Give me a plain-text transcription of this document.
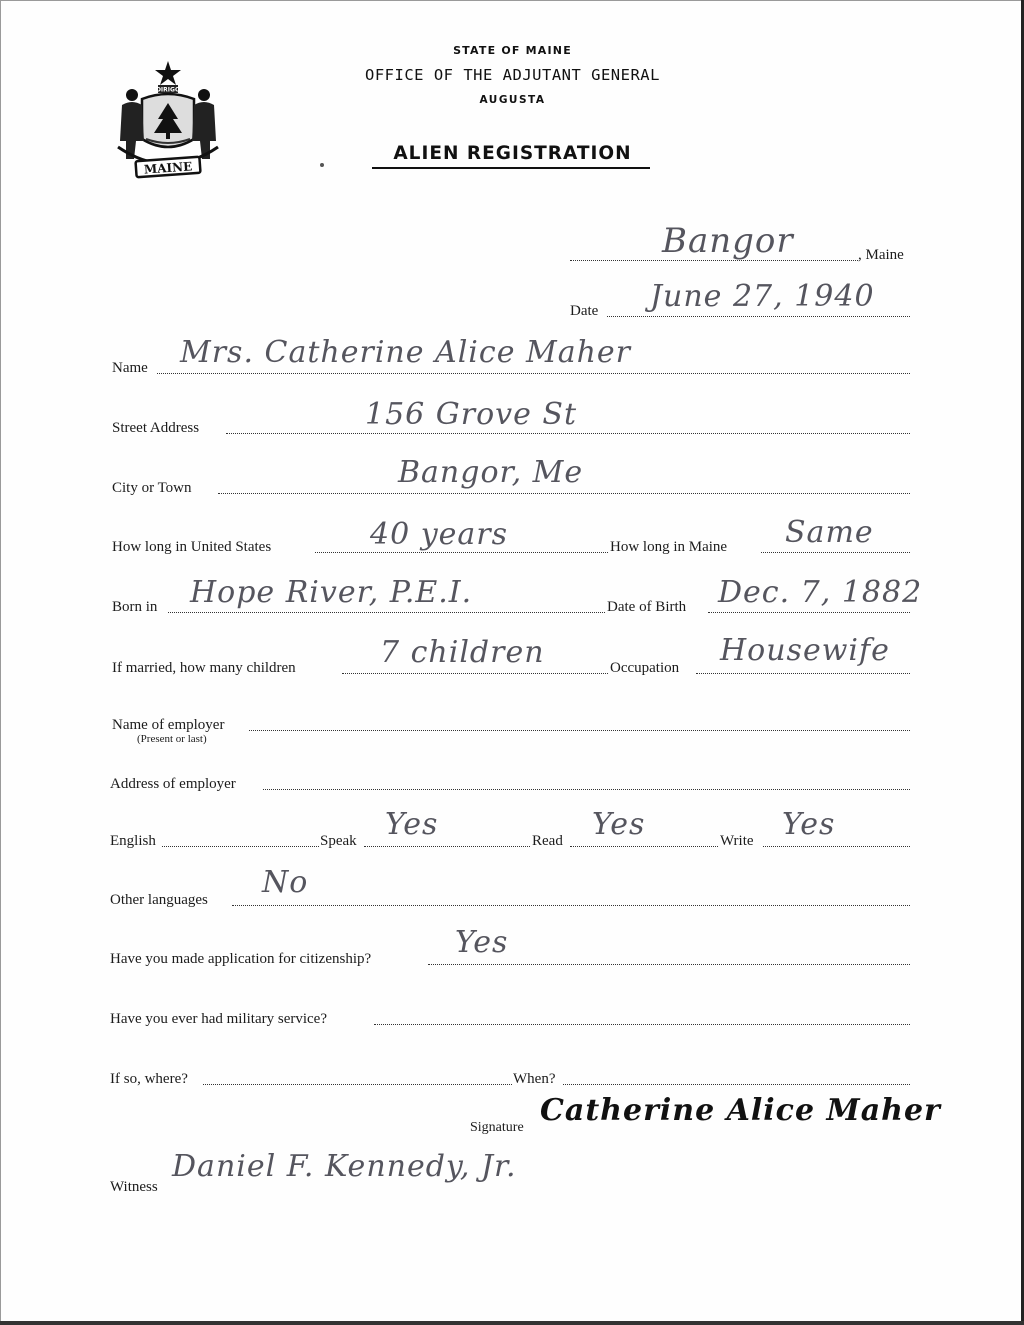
DIRIGO
MAINE
STATE OF MAINE
OFFICE OF THE ADJUTANT GENERAL
AUGUSTA
ALIEN REGISTRATION
Bangor	, Maine
Date June 27, 1940
Name Mrs. Catherine Alice Maher
Street Address	156 Grove St
City or Town	Bangor, Me
How long in United States	40 years	How long in Maine Same
Born in Hope River, P.E.I.	Date of Birth Dec. 7, 1882
If married, how many children	7 children	Occupation Housewife
Name of employer
(Present or last)
Address of employer
English	Speak Yes	Read Yes	Write Yes
Other languages No
Have you made application for citizenship?	Yes
Have you ever had military service?
If so, where?	When?
Signature Catherine Alice Maher
Witness
Daniel F. Kennedy, Jr.
